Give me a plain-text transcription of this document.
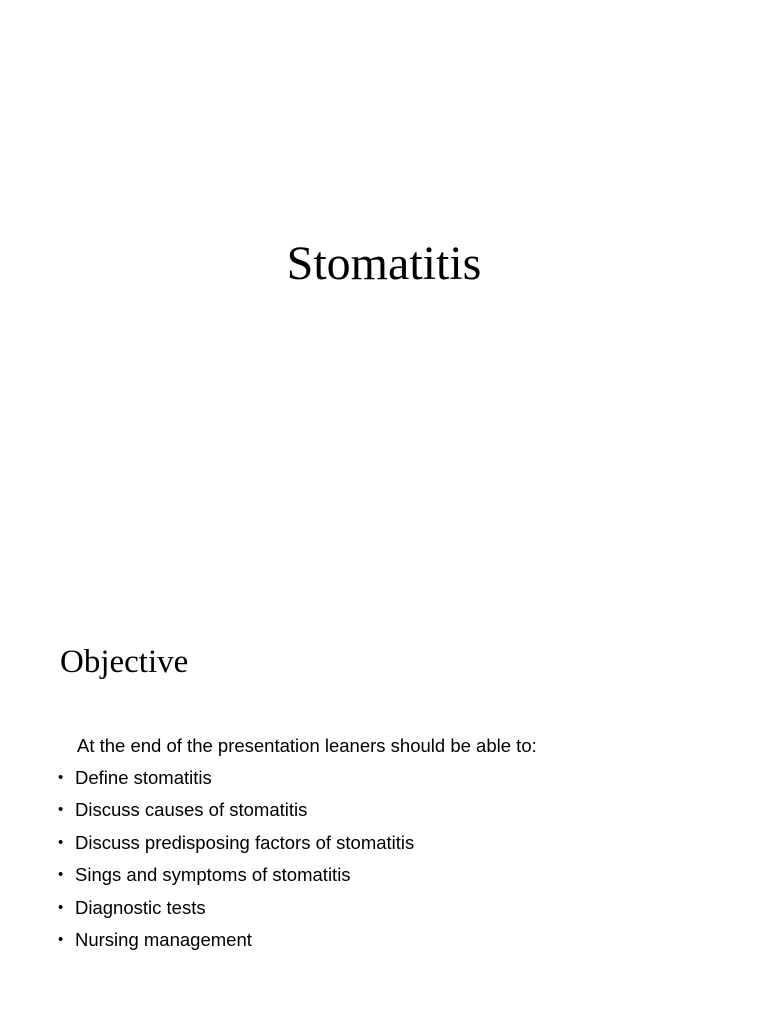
Stomatitis
Objective
At the end of the presentation leaners should be able to:
• Define stomatitis
• Discuss causes of stomatitis
• Discuss predisposing factors of stomatitis
• Sings and symptoms of stomatitis
• Diagnostic tests
• Nursing management
